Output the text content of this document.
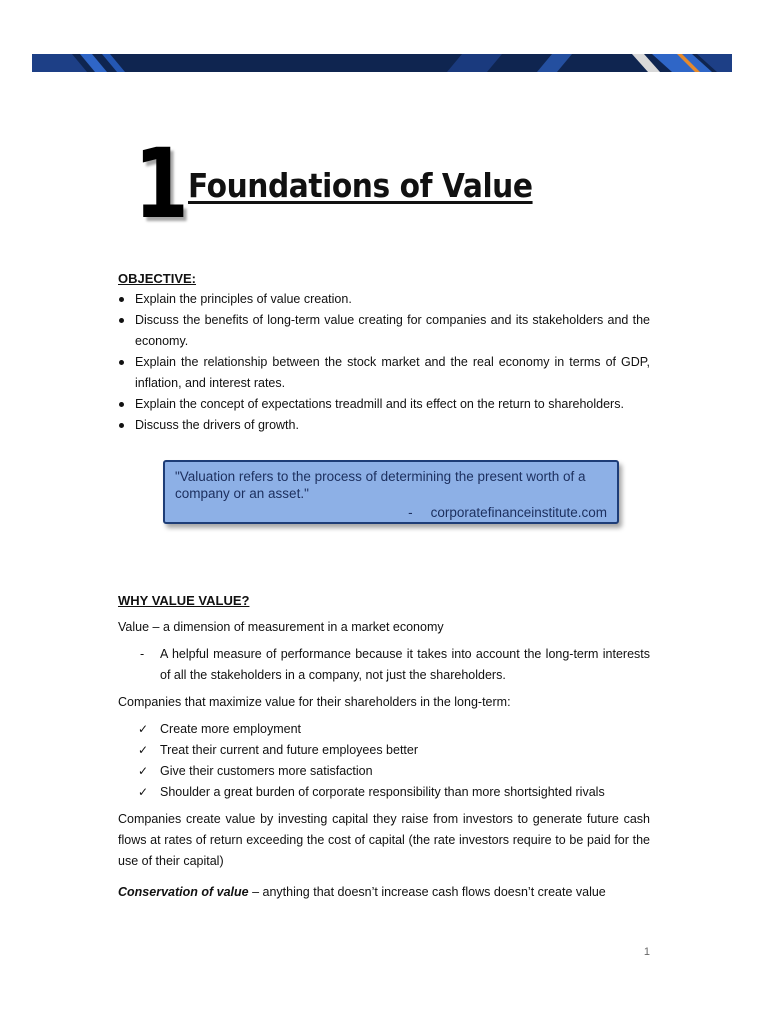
1 Foundations of Value

OBJECTIVE:

Explain the principles of value creation.
Discuss the benefits of long-term value creating for companies and its stakeholders and the economy.
Explain the relationship between the stock market and the real economy in terms of GDP, inflation, and interest rates.
Explain the concept of expectations treadmill and its effect on the return to shareholders.
Discuss the drivers of growth.
"Valuation refers to the process of determining the present worth of a company or an asset."
- corporatefinanceinstitute.com

WHY VALUE VALUE?

Value – a dimension of measurement in a market economy

- A helpful measure of performance because it takes into account the long-term interests of all the stakeholders in a company, not just the shareholders.

Companies that maximize value for their shareholders in the long-term:

✓ Create more employment
✓ Treat their current and future employees better
✓ Give their customers more satisfaction
✓ Shoulder a great burden of corporate responsibility than more shortsighted rivals

Companies create value by investing capital they raise from investors to generate future cash flows at rates of return exceeding the cost of capital (the rate investors require to be paid for the use of their capital)

Conservation of value – anything that doesn’t increase cash flows doesn’t create value

1
